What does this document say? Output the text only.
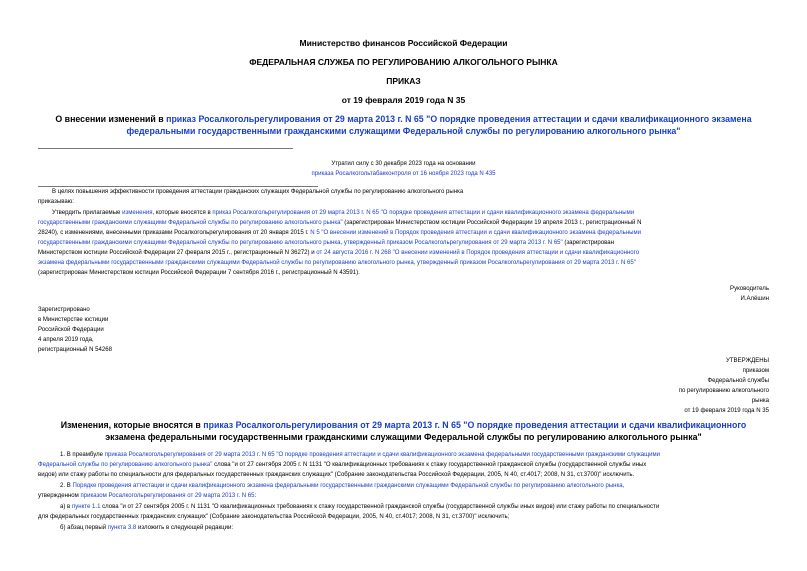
Министерство финансов Российской Федерации
ФЕДЕРАЛЬНАЯ СЛУЖБА ПО РЕГУЛИРОВАНИЮ АЛКОГОЛЬНОГО РЫНКА
ПРИКАЗ
от 19 февраля 2019 года N 35
О внесении изменений в приказ Росалкогольрегулирования от 29 марта 2013 г. N 65 "О порядке проведения аттестации и сдачи квалификационного экзамена
федеральными государственными гражданскими служащими Федеральной службы по регулированию алкогольного рынка"
Утратил силу с 30 декабря 2023 года на основании
приказа Росалкогольтабакконтроля от 16 ноября 2023 года N 435
В целях повышения эффективности проведения аттестации гражданских служащих Федеральной службы по регулированию алкогольного рынка
приказываю:
Утвердить прилагаемые изменения, которые вносятся в приказ Росалкогольрегулирования от 29 марта 2013 г. N 65 "О порядке проведения аттестации и сдачи квалификационного экзамена федеральными
государственными гражданскими служащими Федеральной службы по регулированию алкогольного рынка" (зарегистрирован Министерством юстиции Российской Федерации 19 апреля 2013 г., регистрационный N
28240), с изменениями, внесенными приказами Росалкогольрегулирования от 20 января 2015 г. N 5 "О внесении изменений в Порядок проведения аттестации и сдачи квалификационного экзамена федеральными
государственными гражданскими служащими Федеральной службы по регулированию алкогольного рынка, утвержденный приказом Росалкогольрегулирования от 29 марта 2013 г. N 65" (зарегистрирован
Министерством юстиции Российской Федерации 27 февраля 2015 г., регистрационный N 36272) и от 24 августа 2016 г. N 268 "О внесении изменений в Порядок проведения аттестации и сдачи квалификационного
экзамена федеральными государственными гражданскими служащими Федеральной службы по регулированию алкогольного рынка, утвержденный приказом Росалкогольрегулирования от 29 марта 2013 г. N 65"
(зарегистрирован Министерством юстиции Российской Федерации 7 сентября 2016 г., регистрационный N 43591).
Руководитель
И.Алёшин
Зарегистрировано
в Министерстве юстиции
Российской Федерации
4 апреля 2019 года,
регистрационный N 54268
УТВЕРЖДЕНЫ
приказом
Федеральной службы
по регулированию алкогольного
рынка
от 19 февраля 2019 года N 35
Изменения, которые вносятся в приказ Росалкогольрегулирования от 29 марта 2013 г. N 65 "О порядке проведения аттестации и сдачи квалификационного
экзамена федеральными государственными гражданскими служащими Федеральной службы по регулированию алкогольного рынка"
1. В преамбуле приказа Росалкогольрегулирования от 29 марта 2013 г. N 65 "О порядке проведения аттестации и сдачи квалификационного экзамена федеральными государственными гражданскими служащими
Федеральной службы по регулированию алкогольного рынка" слова "и от 27 сентября 2005 г. N 1131 "О квалификационных требованиях к стажу государственной гражданской службы (государственной службы иных
видов) или стажу работы по специальности для федеральных государственных гражданских служащих" (Собрание законодательства Российской Федерации, 2005, N 40, ст.4017; 2008, N 31, ст.3700)" исключить.
2. В Порядке проведения аттестации и сдачи квалификационного экзамена федеральными государственными гражданскими служащими Федеральной службы по регулированию алкогольного рынка,
утвержденном приказом Росалкогольрегулирования от 29 марта 2013 г. N 65:
а) в пункте 1.1 слова "и от 27 сентября 2005 г. N 1131 "О квалификационных требованиях к стажу государственной гражданской службы (государственной службы иных видов) или стажу работы по специальности
для федеральных государственных гражданских служащих" (Собрание законодательства Российской Федерации, 2005, N 40, ст.4017; 2008, N 31, ст.3700)" исключить;
б) абзац первый пункта 3.8 изложить в следующей редакции:
